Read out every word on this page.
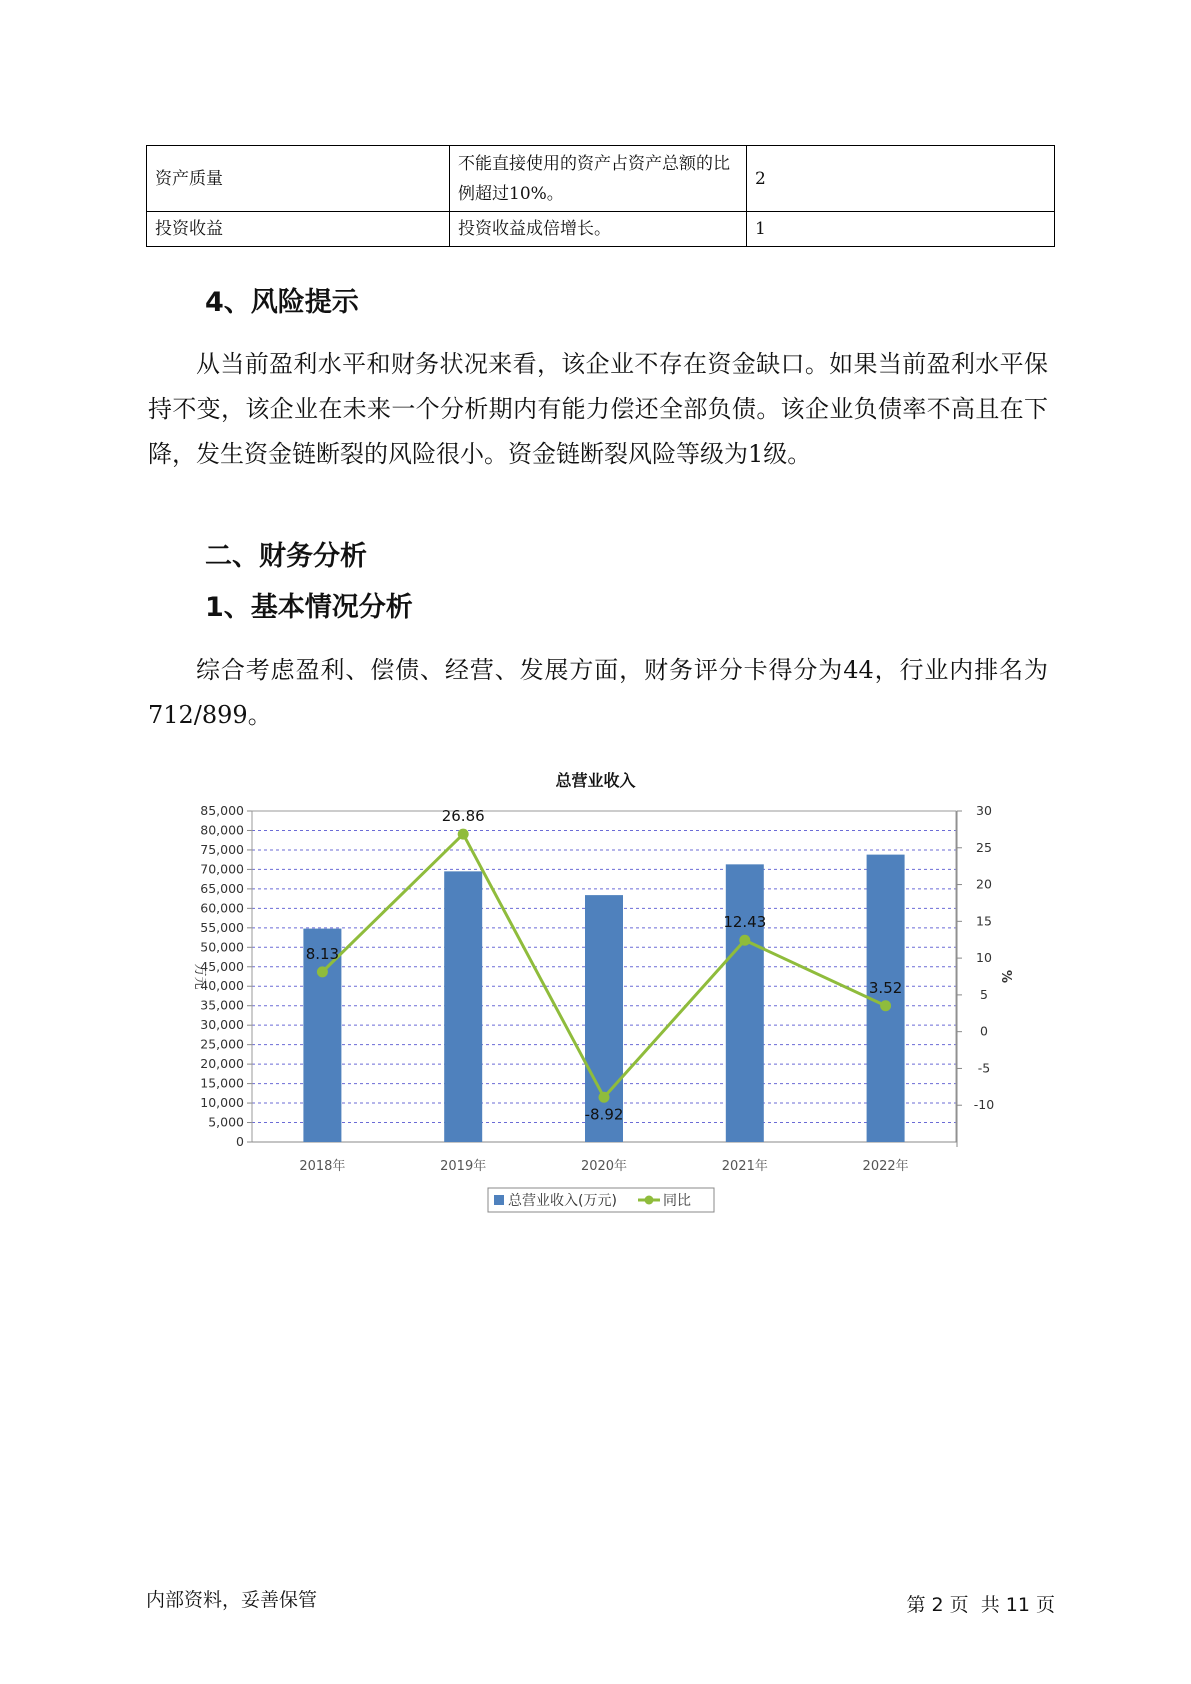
资产质量	不能直接使用的资产占资产总额的比例超过10%。	2
投资收益	投资收益成倍增长。	1
4、风险提示
从当前盈利水平和财务状况来看，该企业不存在资金缺口。如果当前盈利水平保持不变，该企业在未来一个分析期内有能力偿还全部负债。该企业负债率不高且在下降，发生资金链断裂的风险很小。资金链断裂风险等级为1级。
二、财务分析
1、基本情况分析
综合考虑盈利、偿债、经营、发展方面，财务评分卡得分为44，行业内排名为712/899。
总营业收入
0
5,000
10,000
15,000
20,000
25,000
30,000
35,000
40,000
45,000
50,000
55,000
60,000
65,000
70,000
75,000
80,000
85,000
-10
-5
0
5
10
15
20
25
30
万元	%
2018年	2019年	2020年	2021年	2022年
8.13
26.86
-8.92
12.43
3.52
总营业收入(万元)	同比
内部资料，妥善保管	第 2 页  共 11 页
